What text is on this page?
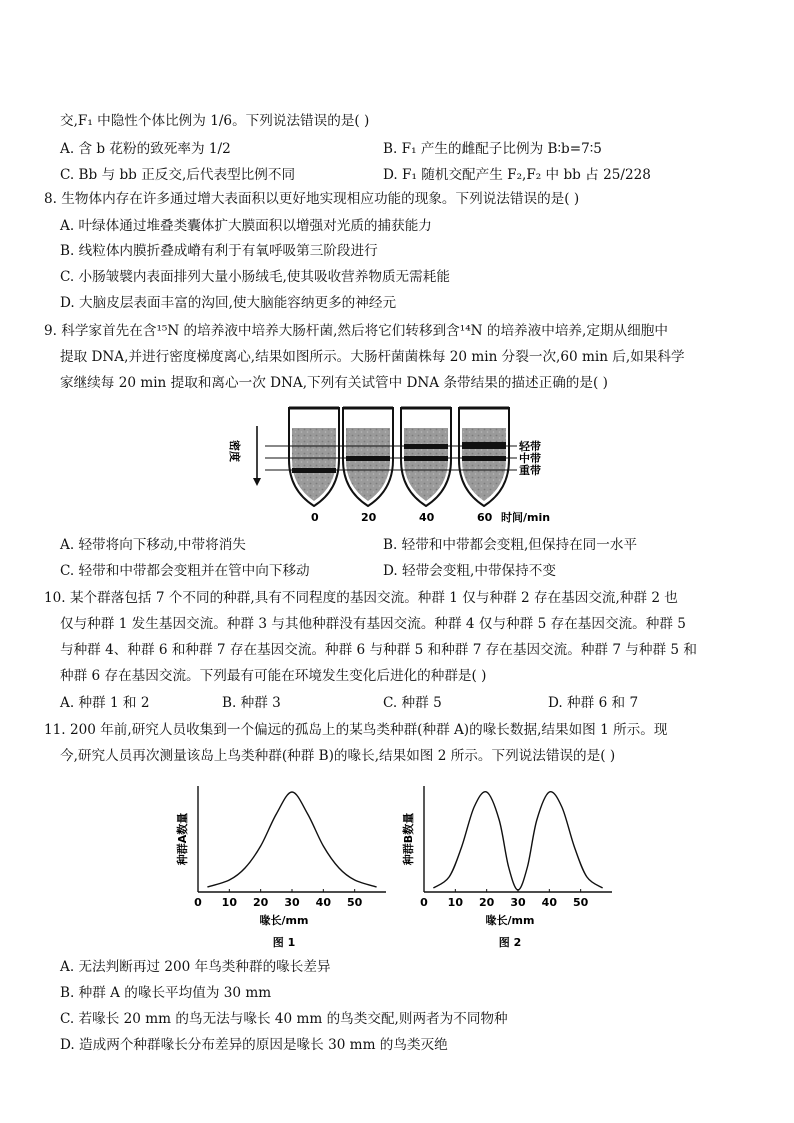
交,F₁ 中隐性个体比例为 1/6。下列说法错误的是( )
A. 含 b 花粉的致死率为 1/2	B. F₁ 产生的雌配子比例为 B∶b=7∶5
C. Bb 与 bb 正反交,后代表型比例不同	D. F₁ 随机交配产生 F₂,F₂ 中 bb 占 25/228
8. 生物体内存在许多通过增大表面积以更好地实现相应功能的现象。下列说法错误的是( )
A. 叶绿体通过堆叠类囊体扩大膜面积以增强对光质的捕获能力
B. 线粒体内膜折叠成嵴有利于有氧呼吸第三阶段进行
C. 小肠皱襞内表面排列大量小肠绒毛,使其吸收营养物质无需耗能
D. 大脑皮层表面丰富的沟回,使大脑能容纳更多的神经元
9. 科学家首先在含¹⁵N 的培养液中培养大肠杆菌,然后将它们转移到含¹⁴N 的培养液中培养,定期从细胞中
提取 DNA,并进行密度梯度离心,结果如图所示。大肠杆菌菌株每 20 min 分裂一次,60 min 后,如果科学
家继续每 20 min 提取和离心一次 DNA,下列有关试管中 DNA 条带结果的描述正确的是( )
密度	轻带
中带
重带
0	20	40	60 时间/min
A. 轻带将向下移动,中带将消失	B. 轻带和中带都会变粗,但保持在同一水平
C. 轻带和中带都会变粗并在管中向下移动	D. 轻带会变粗,中带保持不变
10. 某个群落包括 7 个不同的种群,具有不同程度的基因交流。种群 1 仅与种群 2 存在基因交流,种群 2 也
仅与种群 1 发生基因交流。种群 3 与其他种群没有基因交流。种群 4 仅与种群 5 存在基因交流。种群 5
与种群 4、种群 6 和种群 7 存在基因交流。种群 6 与种群 5 和种群 7 存在基因交流。种群 7 与种群 5 和
种群 6 存在基因交流。下列最有可能在环境发生变化后进化的种群是( )
A. 种群 1 和 2	B. 种群 3	C. 种群 5	D. 种群 6 和 7
11. 200 年前,研究人员收集到一个偏远的孤岛上的某鸟类种群(种群 A)的喙长数据,结果如图 1 所示。现
今,研究人员再次测量该岛上鸟类种群(种群 B)的喙长,结果如图 2 所示。下列说法错误的是( )
0 10 20 30 40 50
种群A数量
喙长/mm
图 1
0 10 20 30 40 50
种群B数量
喙长/mm
图 2
A. 无法判断再过 200 年鸟类种群的喙长差异
B. 种群 A 的喙长平均值为 30 mm
C. 若喙长 20 mm 的鸟无法与喙长 40 mm 的鸟类交配,则两者为不同物种
D. 造成两个种群喙长分布差异的原因是喙长 30 mm 的鸟类灭绝
